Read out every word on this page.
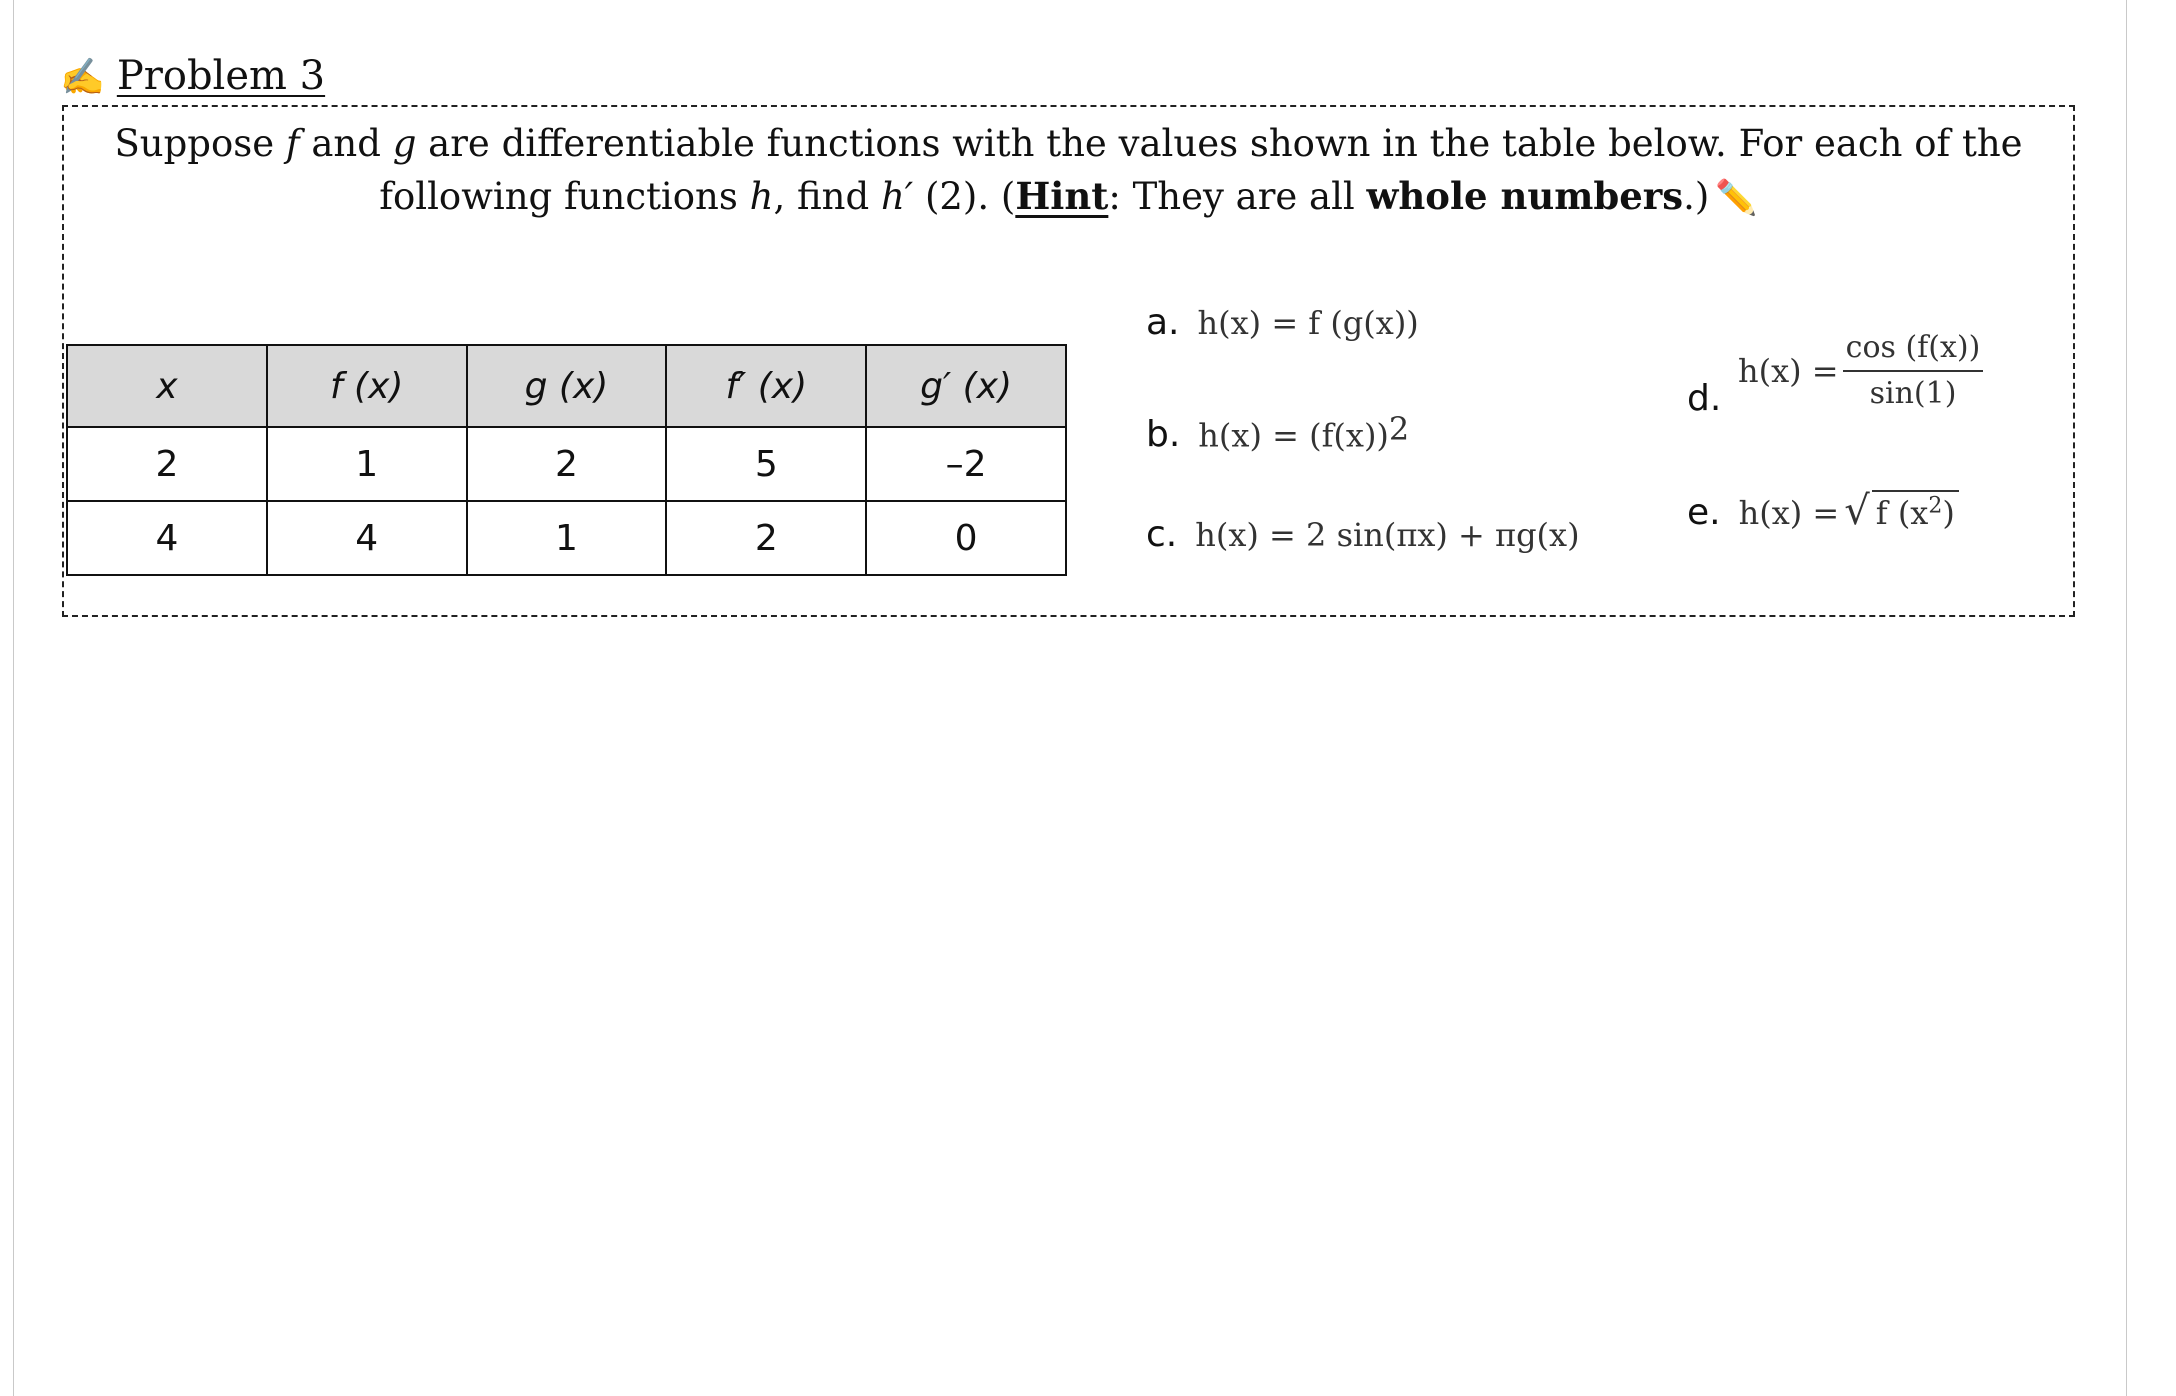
✍ Problem 3
Suppose f and g are differentiable functions with the values shown in the table below. For each of the following functions h, find h′ (2). (Hint: They are all whole numbers.) ✏️
x	f (x)	g (x)	f′ (x)	g′ (x)
2	1	2	5	–2
4	4	1	2	0
a. h(x) = f (g(x))
b. $h(x) = (f(x))^2$
c. h(x) = 2 sin(πx) + πg(x)
d.
$h(x) = \frac{\cos (f(x))}{\sin(1)}$
e. h(x) = √ f $(x^2)$
